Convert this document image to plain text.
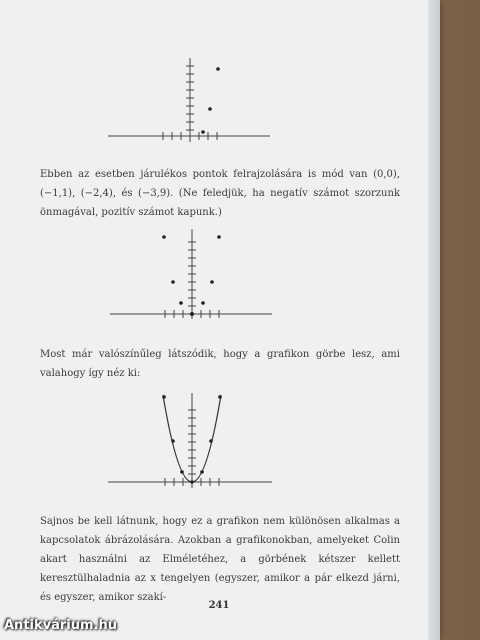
Ebben az esetben járulékos pontok felrajzolására is mód van (0,0), (−1,1), (−2,4), és (−3,9). (Ne feledjük, ha negatív számot szorzunk önmagával, pozitív számot kapunk.)

Most már valószínűleg látszódik, hogy a grafikon görbe lesz, ami valahogy így néz ki:

Sajnos be kell látnunk, hogy ez a grafikon nem különösen alkalmas a kapcsolatok ábrázolására. Azokban a grafikonokban, amelyeket Colin akart használni az Elméletéhez, a görbének kétszer kellett keresztülhaladnia az x tengelyen (egyszer, amikor a pár elkezd járni, és egyszer, amikor szakí-

241
Antikvárium.hu
